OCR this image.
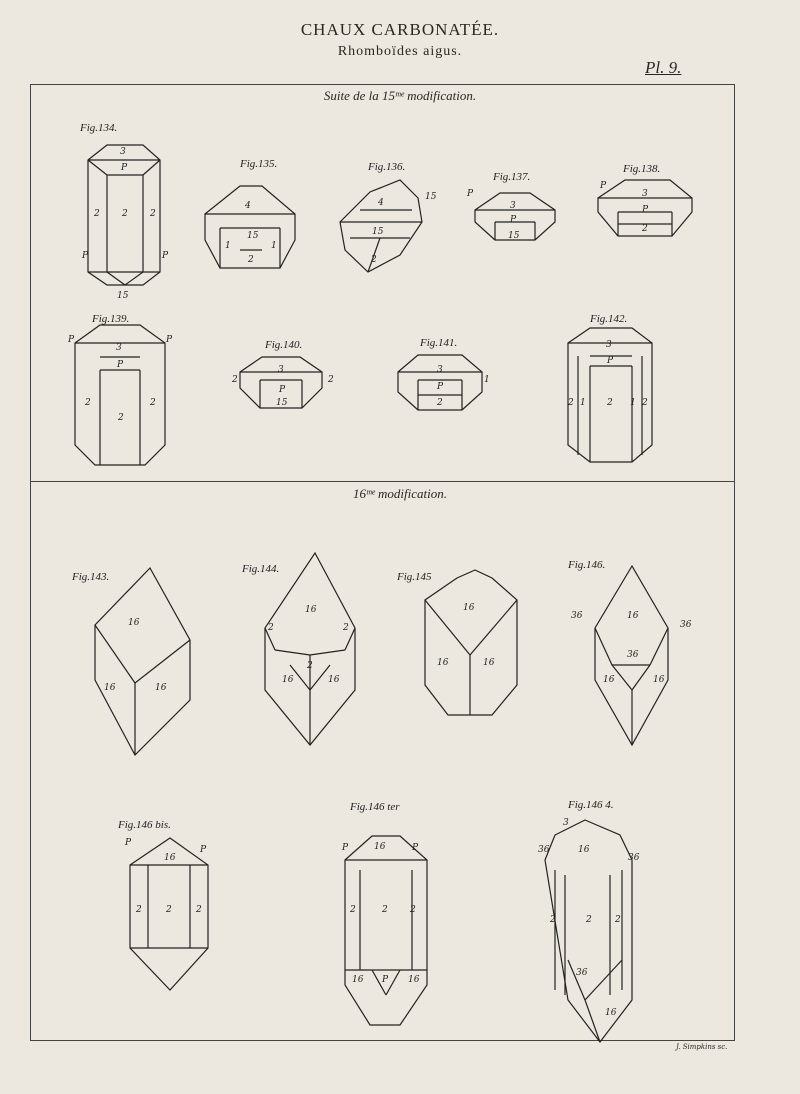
CHAUX CARBONATÉE.
Rhomboïdes aigus.
Pl. 9.
Suite de la 15ᵐᵉ modification.
16ᵐᵉ modification.
J. Simpkins sc.
3
P
2 2 2
P	P
15
4
15
2
1	1
4
15
2
15
3
P
P
15
3
P
2
P
3
P
2	2
2
P	P
3
P
15
2	2
3
P
2
1
3
P
2 1 2 1 2
16
16	16
16
2	2
2
16	16
16
16	16
16
36
36
36
16	16
16
P
P
2	2	2
16
P	P
2	2 2
16	16
P
16
3
36
36
2	2	2
36
16
Fig.134.
Fig.135.	Fig.136.
Fig.137.
Fig.138.
Fig.139.
Fig.140.	Fig.141.
Fig.142.
Fig.143.
Fig.144.
Fig.145
Fig.146.
Fig.146 bis.
Fig.146 ter	Fig.146 4.
